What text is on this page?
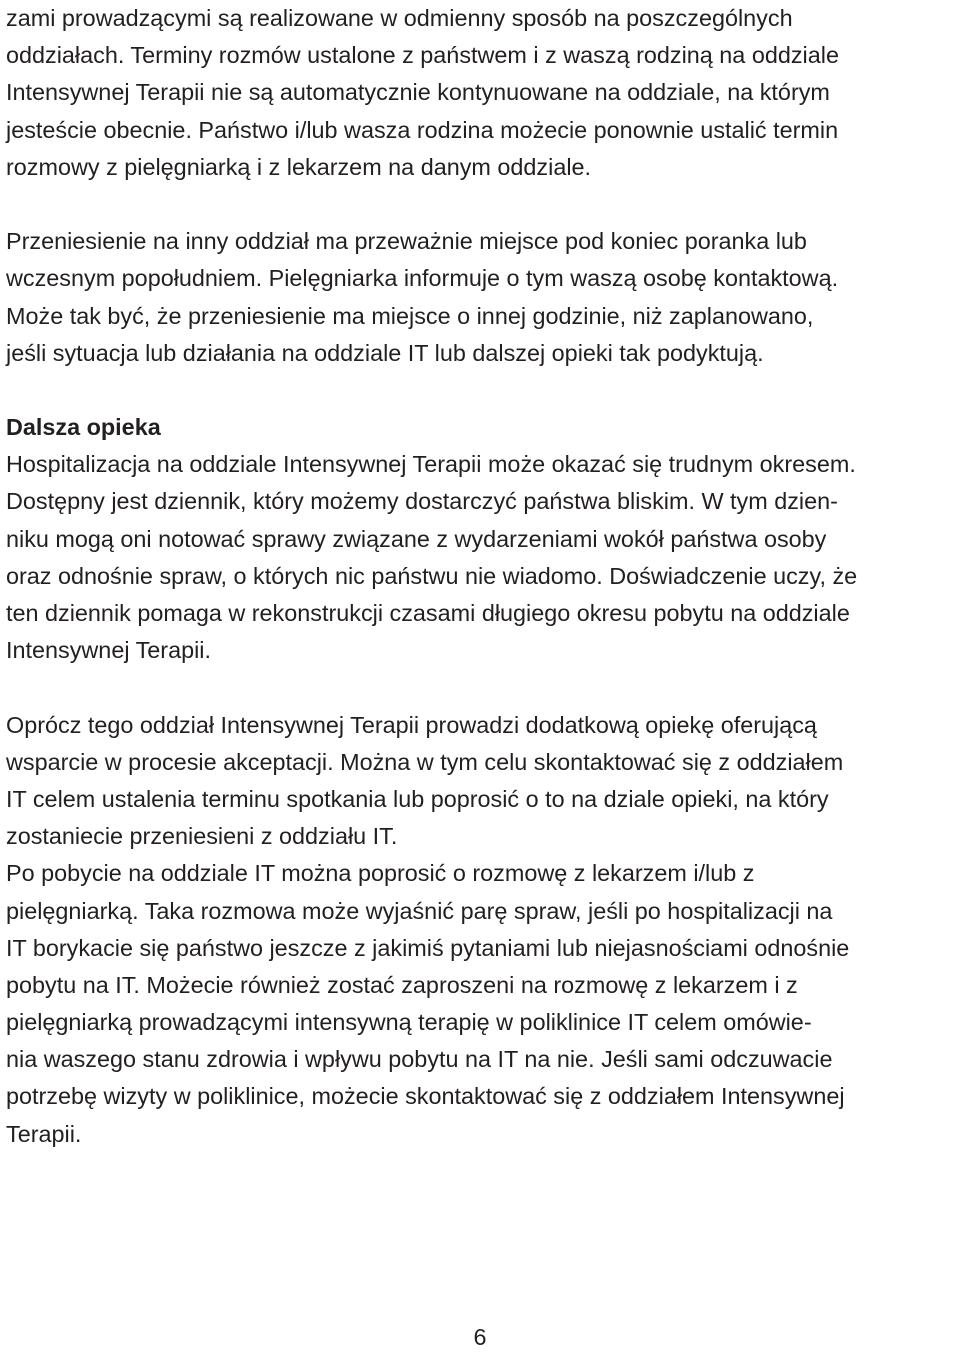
zami prowadzącymi są realizowane w odmienny sposób na poszczególnych
oddziałach. Terminy rozmów ustalone z państwem i z waszą rodziną na oddziale
Intensywnej Terapii nie są automatycznie kontynuowane na oddziale, na którym
jesteście obecnie. Państwo i/lub wasza rodzina możecie ponownie ustalić termin
rozmowy z pielęgniarką i z lekarzem na danym oddziale.
Przeniesienie na inny oddział ma przeważnie miejsce pod koniec poranka lub
wczesnym popołudniem. Pielęgniarka informuje o tym waszą osobę kontaktową.
Może tak być, że przeniesienie ma miejsce o innej godzinie, niż zaplanowano,
jeśli sytuacja lub działania na oddziale IT lub dalszej opieki tak podyktują.
Dalsza opieka
Hospitalizacja na oddziale Intensywnej Terapii może okazać się trudnym okresem.
Dostępny jest dziennik, który możemy dostarczyć państwa bliskim. W tym dzien-
niku mogą oni notować sprawy związane z wydarzeniami wokół państwa osoby
oraz odnośnie spraw, o których nic państwu nie wiadomo. Doświadczenie uczy, że
ten dziennik pomaga w rekonstrukcji czasami długiego okresu pobytu na oddziale
Intensywnej Terapii.
Oprócz tego oddział Intensywnej Terapii prowadzi dodatkową opiekę oferującą
wsparcie w procesie akceptacji. Można w tym celu skontaktować się z oddziałem
IT celem ustalenia terminu spotkania lub poprosić o to na dziale opieki, na który
zostaniecie przeniesieni z oddziału IT.
Po pobycie na oddziale IT można poprosić o rozmowę z lekarzem i/lub z
pielęgniarką. Taka rozmowa może wyjaśnić parę spraw, jeśli po hospitalizacji na
IT borykacie się państwo jeszcze z jakimiś pytaniami lub niejasnościami odnośnie
pobytu na IT. Możecie również zostać zaproszeni na rozmowę z lekarzem i z
pielęgniarką prowadzącymi intensywną terapię w poliklinice IT celem omówie-
nia waszego stanu zdrowia i wpływu pobytu na IT na nie. Jeśli sami odczuwacie
potrzebę wizyty w poliklinice, możecie skontaktować się z oddziałem Intensywnej
Terapii.
6
